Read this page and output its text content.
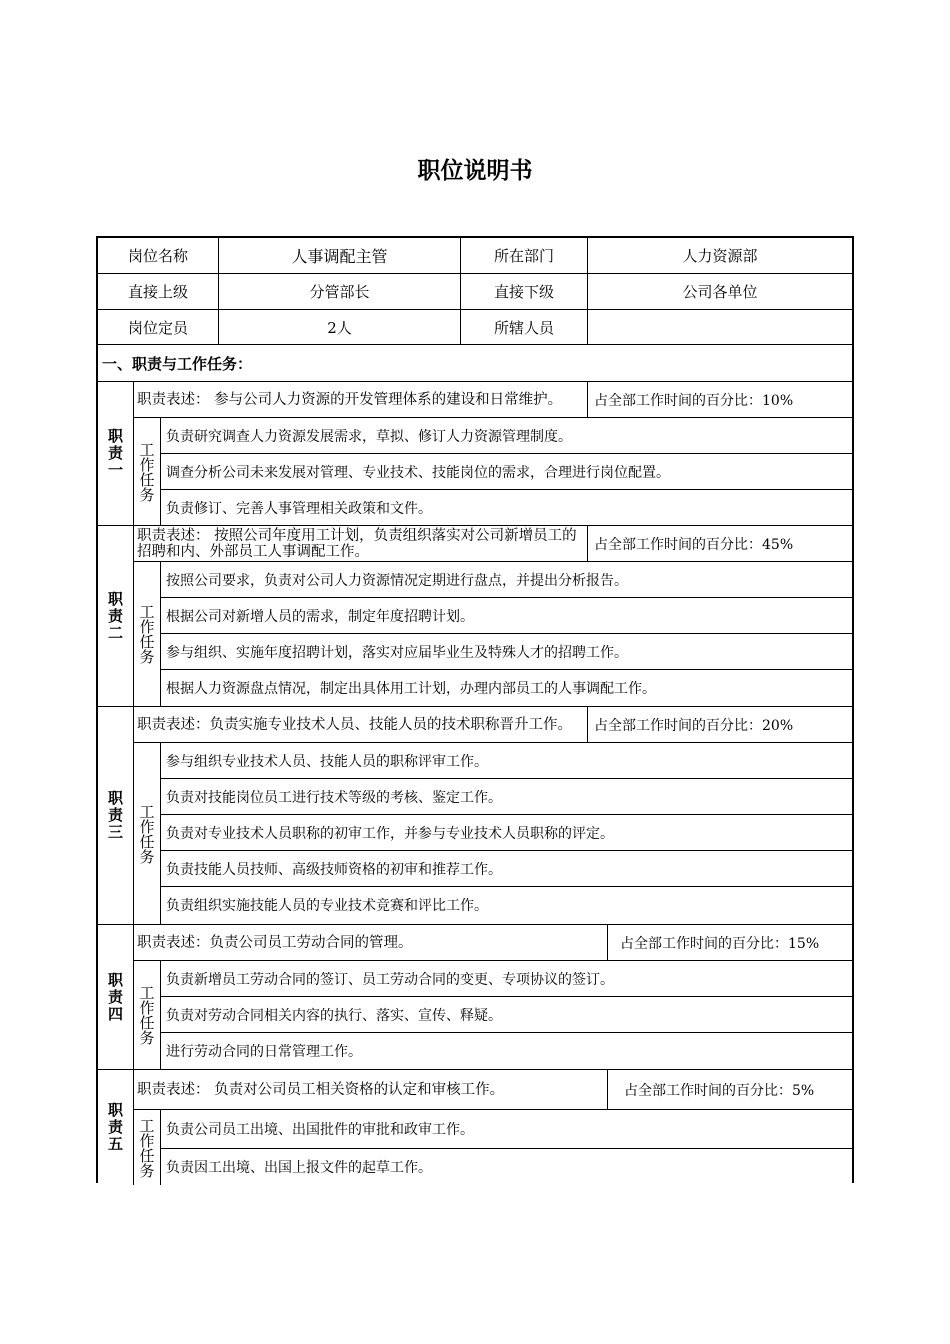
职位说明书
岗位名称	人事调配主管	所在部门	人力资源部
直接上级	分管部长	直接下级	公司各单位
岗位定员	2人	所辖人员
一、职责与工作任务：
职责一
职责表述： 参与公司人力资源的开发管理体系的建设和日常维护。	占全部工作时间的百分比：10%
工作任务
负责研究调查人力资源发展需求，草拟、修订人力资源管理制度。
调查分析公司未来发展对管理、专业技术、技能岗位的需求，合理进行岗位配置。
负责修订、完善人事管理相关政策和文件。
职责二
职责表述： 按照公司年度用工计划，负责组织落实对公司新增员工的招聘和内、外部员工人事调配工作。	占全部工作时间的百分比：45%
工作任务
按照公司要求，负责对公司人力资源情况定期进行盘点，并提出分析报告。
根据公司对新增人员的需求，制定年度招聘计划。
参与组织、实施年度招聘计划，落实对应届毕业生及特殊人才的招聘工作。
根据人力资源盘点情况，制定出具体用工计划，办理内部员工的人事调配工作。
职责三
职责表述：负责实施专业技术人员、技能人员的技术职称晋升工作。	占全部工作时间的百分比：20%
工作任务
参与组织专业技术人员、技能人员的职称评审工作。
负责对技能岗位员工进行技术等级的考核、鉴定工作。
负责对专业技术人员职称的初审工作，并参与专业技术人员职称的评定。
负责技能人员技师、高级技师资格的初审和推荐工作。
负责组织实施技能人员的专业技术竞赛和评比工作。
职责四
职责表述：负责公司员工劳动合同的管理。	占全部工作时间的百分比：15%
工作任务
负责新增员工劳动合同的签订、员工劳动合同的变更、专项协议的签订。
负责对劳动合同相关内容的执行、落实、宣传、释疑。
进行劳动合同的日常管理工作。
职责五
职责表述： 负责对公司员工相关资格的认定和审核工作。	占全部工作时间的百分比：5%
工作任务 负责公司员工出境、出国批件的审批和政审工作。
负责因工出境、出国上报文件的起草工作。
